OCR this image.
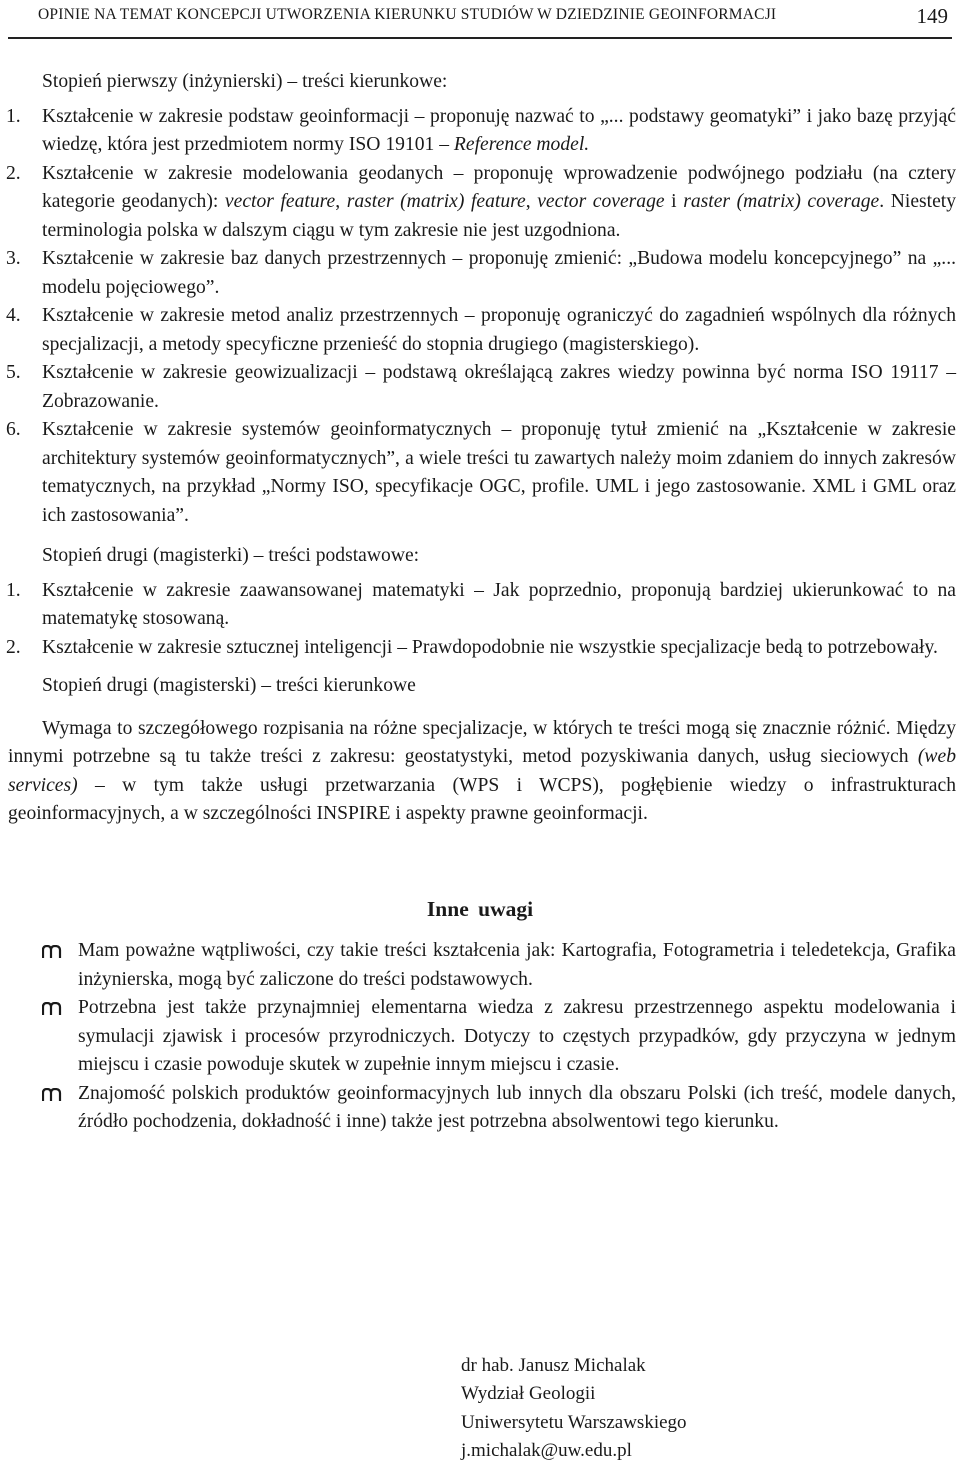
OPINIE NA TEMAT KONCEPCJI UTWORZENIA KIERUNKU STUDIÓW W DZIEDZINIE GEOINFORMACJI	149
Stopień pierwszy (inżynierski) – treści kierunkowe:
1. Kształcenie w zakresie podstaw geoinformacji – proponuję nazwać to „... podstawy geomatyki” i jako bazę przyjąć wiedzę, która jest przedmiotem normy ISO 19101 – Reference model.
2. Kształcenie w zakresie modelowania geodanych – proponuję wprowadzenie podwójnego podziału (na cztery kategorie geodanych): vector feature, raster (matrix) feature, vector coverage i raster (matrix) coverage. Niestety terminologia polska w dalszym ciągu w tym zakresie nie jest uzgodniona.
3. Kształcenie w zakresie baz danych przestrzennych – proponuję zmienić: „Budowa modelu koncepcyjnego” na „... modelu pojęciowego”.
4. Kształcenie w zakresie metod analiz przestrzennych – proponuję ograniczyć do zagadnień wspólnych dla różnych specjalizacji, a metody specyficzne przenieść do stopnia drugiego (magisterskiego).
5. Kształcenie w zakresie geowizualizacji – podstawą określającą zakres wiedzy powinna być norma ISO 19117 – Zobrazowanie.
6. Kształcenie w zakresie systemów geoinformatycznych – proponuję tytuł zmienić na „Kształcenie w zakresie architektury systemów geoinformatycznych”, a wiele treści tu zawartych należy moim zdaniem do innych zakresów tematycznych, na przykład „Normy ISO, specyfikacje OGC, profile. UML i jego zastosowanie. XML i GML oraz ich zastosowania”.
Stopień drugi (magisterki) – treści podstawowe:
1. Kształcenie w zakresie zaawansowanej matematyki – Jak poprzednio, proponują bardziej ukierunkować to na matematykę stosowaną.
2. Kształcenie w zakresie sztucznej inteligencji – Prawdopodobnie nie wszystkie specjalizacje bedą to potrzebowały.
Stopień drugi (magisterski) – treści kierunkowe
Wymaga to szczegółowego rozpisania na różne specjalizacje, w których te treści mogą się znacznie różnić. Między innymi potrzebne są tu także treści z zakresu: geostatystyki, metod pozyskiwania danych, usług sieciowych (web services) – w tym także usługi przetwarzania (WPS i WCPS), pogłębienie wiedzy o infrastrukturach geoinformacyjnych, a w szczególności INSPIRE i aspekty prawne geoinformacji.
Inne uwagi
Mam poważne wątpliwości, czy takie treści kształcenia jak: Kartografia, Fotogrametria i teledetekcja, Grafika inżynierska, mogą być zaliczone do treści podstawowych.
Potrzebna jest także przynajmniej elementarna wiedza z zakresu przestrzennego aspektu modelowania i symulacji zjawisk i procesów przyrodniczych. Dotyczy to częstych przypadków, gdy przyczyna w jednym miejscu i czasie powoduje skutek w zupełnie innym miejscu i czasie.
Znajomość polskich produktów geoinformacyjnych lub innych dla obszaru Polski (ich treść, modele danych, źródło pochodzenia, dokładność i inne) także jest potrzebna absolwentowi tego kierunku.
dr hab. Janusz Michalak
Wydział Geologii
Uniwersytetu Warszawskiego
j.michalak@uw.edu.pl
